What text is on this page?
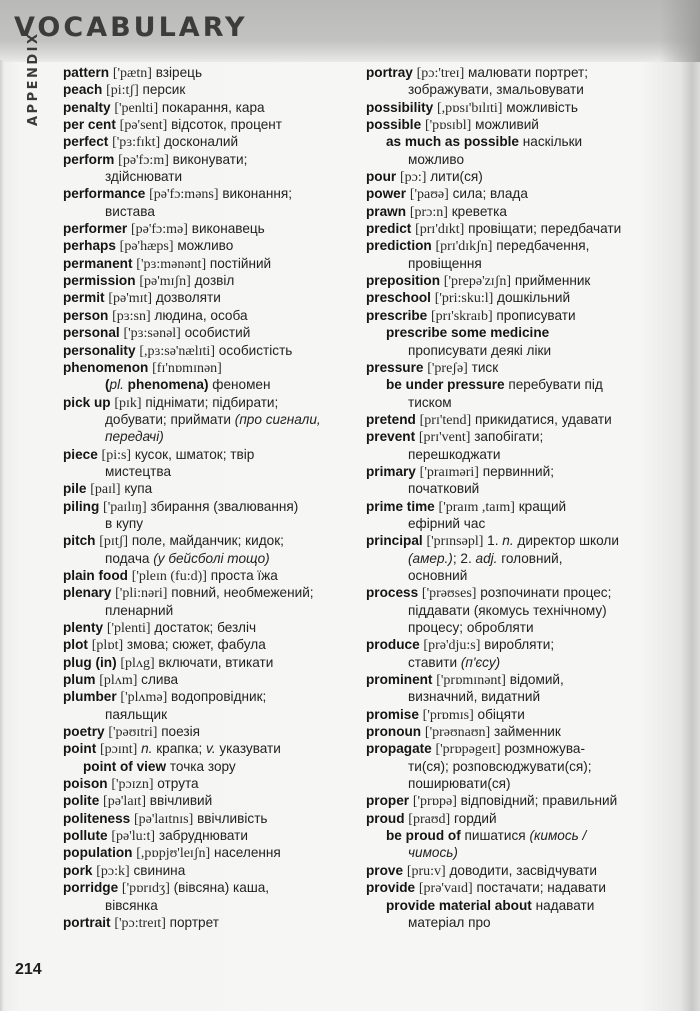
VOCABULARY
APPENDIX pattern ['pætn] взірець
peach [pi:tʃ] персик
penalty ['penlti] покарання, кара
per cent [pə'sent] відсоток, процент
perfect ['pɜ:fɪkt] досконалий
perform [pə'fɔ:m] виконувати;
здійснювати
performance [pə'fɔ:məns] виконання;
вистава
performer [pə'fɔ:mə] виконавець
perhaps [pə'hæps] можливо
permanent ['pɜ:mənənt] постійний
permission [pə'mɪʃn] дозвіл
permit [pə'mɪt] дозволяти
person [pɜ:sn] людина, особа
personal ['pɜ:sənəl] особистий
personality [,pɜ:sə'nælɪti] особистість
phenomenon [fɪ'nɒmɪnən]
(pl. phenomena) феномен
pick up [pɪk] піднімати; підбирати;
добувати; приймати (про сигнали,
передачі)
piece [pi:s] кусок, шматок; твір
мистецтва
pile [paɪl] купа
piling ['paɪlɪŋ] збирання (звалювання)
в купу
pitch [pɪtʃ] поле, майданчик; кидок;
подача (у бейсболі тощо)
plain food ['pleɪn (fu:d)] проста їжа
plenary ['pli:nəri] повний, необмежений;
пленарний
plenty ['plenti] достаток; безліч
plot [plɒt] змова; сюжет, фабула
plug (in) [plʌg] включати, втикати
plum [plʌm] слива
plumber ['plʌmə] водопровідник;
паяльщик
poetry ['pəʊɪtri] поезія
point [pɔɪnt] n. крапка; v. указувати
point of view точка зору
poison ['pɔɪzn] отрута
polite [pə'laɪt] ввічливий
politeness [pə'laɪtnɪs] ввічливість
pollute [pə'lu:t] забруднювати
population [,pɒpjʊ'leɪʃn] населення
pork [pɔ:k] свинина
porridge ['pɒrɪdʒ] (вівсяна) каша,
вівсянка
portrait ['pɔ:treɪt] портрет
portray [pɔ:'treɪ] малювати портрет;
зображувати, змальовувати
possibility [,pɒsɪ'bɪlɪti] можливість
possible ['pɒsɪbl] можливий
as much as possible наскільки
можливо
pour [pɔ:] лити(ся)
power ['paʊə] сила; влада
prawn [prɔ:n] креветка
predict [prɪ'dɪkt] провіщати; передбачати
prediction [prɪ'dɪkʃn] передбачення,
провіщення
preposition ['prepə'zɪʃn] прийменник
preschool ['pri:sku:l] дошкільний
prescribe [prɪ'skraɪb] прописувати
prescribe some medicine
прописувати деякі ліки
pressure ['preʃə] тиск
be under pressure перебувати під
тиском
pretend [prɪ'tend] прикидатися, удавати
prevent [prɪ'vent] запобігати;
перешкоджати
primary ['praɪməri] первинний;
початковий
prime time ['praɪm ,taɪm] кращий
ефірний час
principal ['prɪnsəpl] 1. n. директор школи
(амер.); 2. adj. головний,
основний
process ['prəʊses] розпочинати процес;
піддавати (якомусь технічному)
процесу; обробляти
produce [prə'dju:s] виробляти;
ставити (п'єсу)
prominent ['prɒmɪnənt] відомий,
визначний, видатний
promise ['prɒmɪs] обіцяти
pronoun ['prəʊnaʊn] займенник
propagate ['prɒpəgeɪt] розмножува-
ти(ся); розповсюджувати(ся);
поширювати(ся)
proper ['prɒpə] відповідний; правильний
proud [praʊd] гордий
be proud of пишатися (кимось /
чимось)
prove [pru:v] доводити, засвідчувати
provide [prə'vaɪd] постачати; надавати
provide material about надавати
матеріал про
214
